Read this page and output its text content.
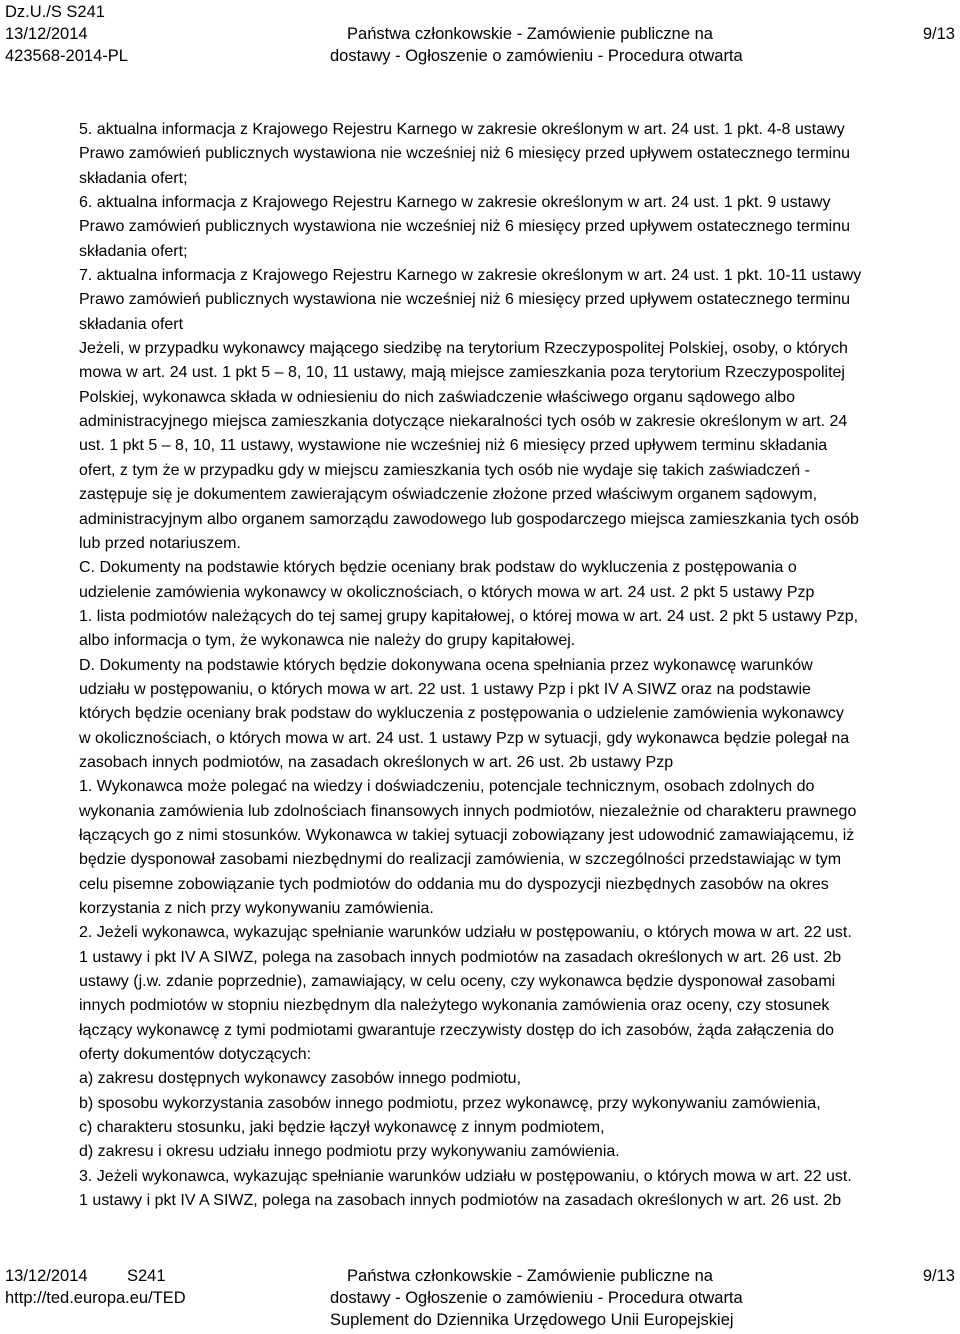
Dz.U./S S241
13/12/2014
423568-2014-PL
Państwa członkowskie - Zamówienie publiczne na
dostawy - Ogłoszenie o zamówieniu - Procedura otwarta
9/13

5. aktualna informacja z Krajowego Rejestru Karnego w zakresie określonym w art. 24 ust. 1 pkt. 4-8 ustawy

Prawo zamówień publicznych wystawiona nie wcześniej niż 6 miesięcy przed upływem ostatecznego terminu

składania ofert;

6. aktualna informacja z Krajowego Rejestru Karnego w zakresie określonym w art. 24 ust. 1 pkt. 9 ustawy

Prawo zamówień publicznych wystawiona nie wcześniej niż 6 miesięcy przed upływem ostatecznego terminu

składania ofert;

7. aktualna informacja z Krajowego Rejestru Karnego w zakresie określonym w art. 24 ust. 1 pkt. 10-11 ustawy

Prawo zamówień publicznych wystawiona nie wcześniej niż 6 miesięcy przed upływem ostatecznego terminu

składania ofert

Jeżeli, w przypadku wykonawcy mającego siedzibę na terytorium Rzeczypospolitej Polskiej, osoby, o których

mowa w art. 24 ust. 1 pkt 5 – 8, 10, 11 ustawy, mają miejsce zamieszkania poza terytorium Rzeczypospolitej

Polskiej, wykonawca składa w odniesieniu do nich zaświadczenie właściwego organu sądowego albo

administracyjnego miejsca zamieszkania dotyczące niekaralności tych osób w zakresie określonym w art. 24

ust. 1 pkt 5 – 8, 10, 11 ustawy, wystawione nie wcześniej niż 6 miesięcy przed upływem terminu składania

ofert, z tym że w przypadku gdy w miejscu zamieszkania tych osób nie wydaje się takich zaświadczeń -

zastępuje się je dokumentem zawierającym oświadczenie złożone przed właściwym organem sądowym,

administracyjnym albo organem samorządu zawodowego lub gospodarczego miejsca zamieszkania tych osób

lub przed notariuszem.

C. Dokumenty na podstawie których będzie oceniany brak podstaw do wykluczenia z postępowania o

udzielenie zamówienia wykonawcy w okolicznościach, o których mowa w art. 24 ust. 2 pkt 5 ustawy Pzp

1. lista podmiotów należących do tej samej grupy kapitałowej, o której mowa w art. 24 ust. 2 pkt 5 ustawy Pzp,

albo informacja o tym, że wykonawca nie należy do grupy kapitałowej.

D. Dokumenty na podstawie których będzie dokonywana ocena spełniania przez wykonawcę warunków

udziału w postępowaniu, o których mowa w art. 22 ust. 1 ustawy Pzp i pkt IV A SIWZ oraz na podstawie

których będzie oceniany brak podstaw do wykluczenia z postępowania o udzielenie zamówienia wykonawcy

w okolicznościach, o których mowa w art. 24 ust. 1 ustawy Pzp w sytuacji, gdy wykonawca będzie polegał na

zasobach innych podmiotów, na zasadach określonych w art. 26 ust. 2b ustawy Pzp

1. Wykonawca może polegać na wiedzy i doświadczeniu, potencjale technicznym, osobach zdolnych do

wykonania zamówienia lub zdolnościach finansowych innych podmiotów, niezależnie od charakteru prawnego

łączących go z nimi stosunków. Wykonawca w takiej sytuacji zobowiązany jest udowodnić zamawiającemu, iż

będzie dysponował zasobami niezbędnymi do realizacji zamówienia, w szczególności przedstawiając w tym

celu pisemne zobowiązanie tych podmiotów do oddania mu do dyspozycji niezbędnych zasobów na okres

korzystania z nich przy wykonywaniu zamówienia.

2. Jeżeli wykonawca, wykazując spełnianie warunków udziału w postępowaniu, o których mowa w art. 22 ust.

1 ustawy i pkt IV A SIWZ, polega na zasobach innych podmiotów na zasadach określonych w art. 26 ust. 2b

ustawy (j.w. zdanie poprzednie), zamawiający, w celu oceny, czy wykonawca będzie dysponował zasobami

innych podmiotów w stopniu niezbędnym dla należytego wykonania zamówienia oraz oceny, czy stosunek

łączący wykonawcę z tymi podmiotami gwarantuje rzeczywisty dostęp do ich zasobów, żąda załączenia do

oferty dokumentów dotyczących:

a) zakresu dostępnych wykonawcy zasobów innego podmiotu,

b) sposobu wykorzystania zasobów innego podmiotu, przez wykonawcę, przy wykonywaniu zamówienia,

c) charakteru stosunku, jaki będzie łączył wykonawcę z innym podmiotem,

d) zakresu i okresu udziału innego podmiotu przy wykonywaniu zamówienia.

3. Jeżeli wykonawca, wykazując spełnianie warunków udziału w postępowaniu, o których mowa w art. 22 ust.

1 ustawy i pkt IV A SIWZ, polega na zasobach innych podmiotów na zasadach określonych w art. 26 ust. 2b

13/12/2014 S241
http://ted.europa.eu/TED
Państwa członkowskie - Zamówienie publiczne na
dostawy - Ogłoszenie o zamówieniu - Procedura otwarta
Suplement do Dziennika Urzędowego Unii Europejskiej
9/13
